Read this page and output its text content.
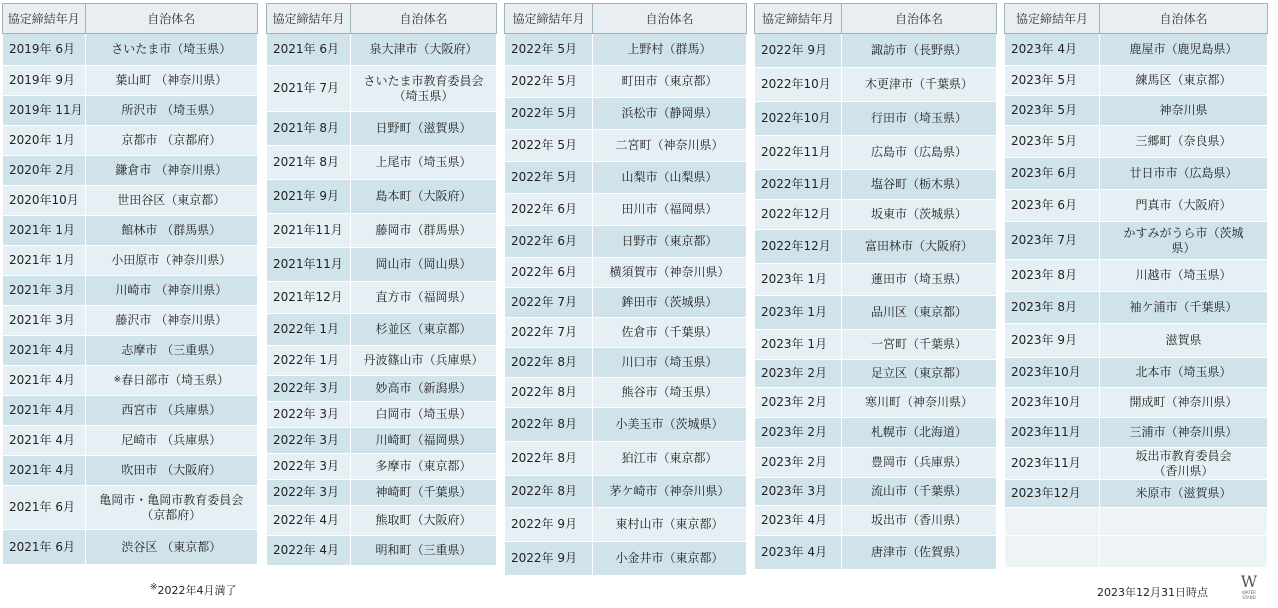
協定締結年月	自治体名
2019年 6月	さいたま市（埼玉県）
2019年 9月	葉山町 （神奈川県）
2019年 11月	所沢市 （埼玉県）
2020年 1月	京都市 （京都府）
2020年 2月	鎌倉市 （神奈川県）
2020年10月	世田谷区（東京都）
2021年 1月	館林市 （群馬県）
2021年 1月	小田原市（神奈川県）
2021年 3月	川崎市 （神奈川県）
2021年 3月	藤沢市 （神奈川県）
2021年 4月	志摩市 （三重県）
2021年 4月	※春日部市（埼玉県）
2021年 4月	西宮市 （兵庫県）
2021年 4月	尼崎市 （兵庫県）
2021年 4月	吹田市 （大阪府）
2021年 6月	亀岡市・亀岡市教育委員会
（京都府）

2021年 6月	渋谷区 （東京都）
協定締結年月	自治体名
2021年 6月	泉大津市（大阪府）
2021年 7月	さいたま市教育委員会
（埼玉県）

2021年 8月	日野町（滋賀県）
2021年 8月	上尾市（埼玉県）
2021年 9月	島本町（大阪府）
2021年11月	藤岡市（群馬県）
2021年11月	岡山市（岡山県）
2021年12月	直方市（福岡県）
2022年 1月	杉並区（東京都）
2022年 1月	丹波篠山市（兵庫県）
2022年 3月	妙高市（新潟県）
2022年 3月	白岡市（埼玉県）
2022年 3月	川崎町（福岡県）
2022年 3月	多摩市（東京都）
2022年 3月	神崎町（千葉県）
2022年 4月	熊取町（大阪府）
2022年 4月	明和町（三重県）
協定締結年月	自治体名
2022年 5月	上野村（群馬）
2022年 5月	町田市（東京都）
2022年 5月	浜松市（静岡県）
2022年 5月	二宮町（神奈川県）
2022年 5月	山梨市（山梨県）
2022年 6月	田川市（福岡県）
2022年 6月	日野市（東京都）
2022年 6月	横須賀市（神奈川県）
2022年 7月	鉾田市（茨城県）
2022年 7月	佐倉市（千葉県）
2022年 8月	川口市（埼玉県）
2022年 8月	熊谷市（埼玉県）
2022年 8月	小美玉市（茨城県）
2022年 8月	狛江市（東京都）
2022年 8月	茅ケ崎市（神奈川県）
2022年 9月	東村山市（東京都）
2022年 9月	小金井市（東京都）
協定締結年月	自治体名
2022年 9月	諏訪市（長野県）
2022年10月	木更津市（千葉県）
2022年10月	行田市（埼玉県）
2022年11月	広島市（広島県）
2022年11月	塩谷町（栃木県）
2022年12月	坂東市（茨城県）
2022年12月	富田林市（大阪府）
2023年 1月	蓮田市（埼玉県）
2023年 1月	品川区（東京都）
2023年 1月	一宮町（千葉県）
2023年 2月	足立区（東京都）
2023年 2月	寒川町（神奈川県）
2023年 2月	札幌市（北海道）
2023年 2月	豊岡市（兵庫県）
2023年 3月	流山市（千葉県）
2023年 4月	坂出市（香川県）
2023年 4月	唐津市（佐賀県）
協定締結年月	自治体名
2023年 4月	鹿屋市（鹿児島県）
2023年 5月	練馬区（東京都）
2023年 5月	神奈川県
2023年 5月	三郷町（奈良県）
2023年 6月	廿日市市（広島県）
2023年 6月	門真市（大阪府）
2023年 7月	かすみがうら市（茨城
県）

2023年 8月	川越市（埼玉県）
2023年 8月	袖ケ浦市（千葉県）
2023年 9月	滋賀県
2023年10月	北本市（埼玉県）
2023年10月	開成町（神奈川県）
2023年11月	三浦市（神奈川県）
2023年11月	坂出市教育委員会
（香川県）

2023年12月	米原市（滋賀県）

※2022年4月満了	2023年12月31日時点
W
WATER STAND
